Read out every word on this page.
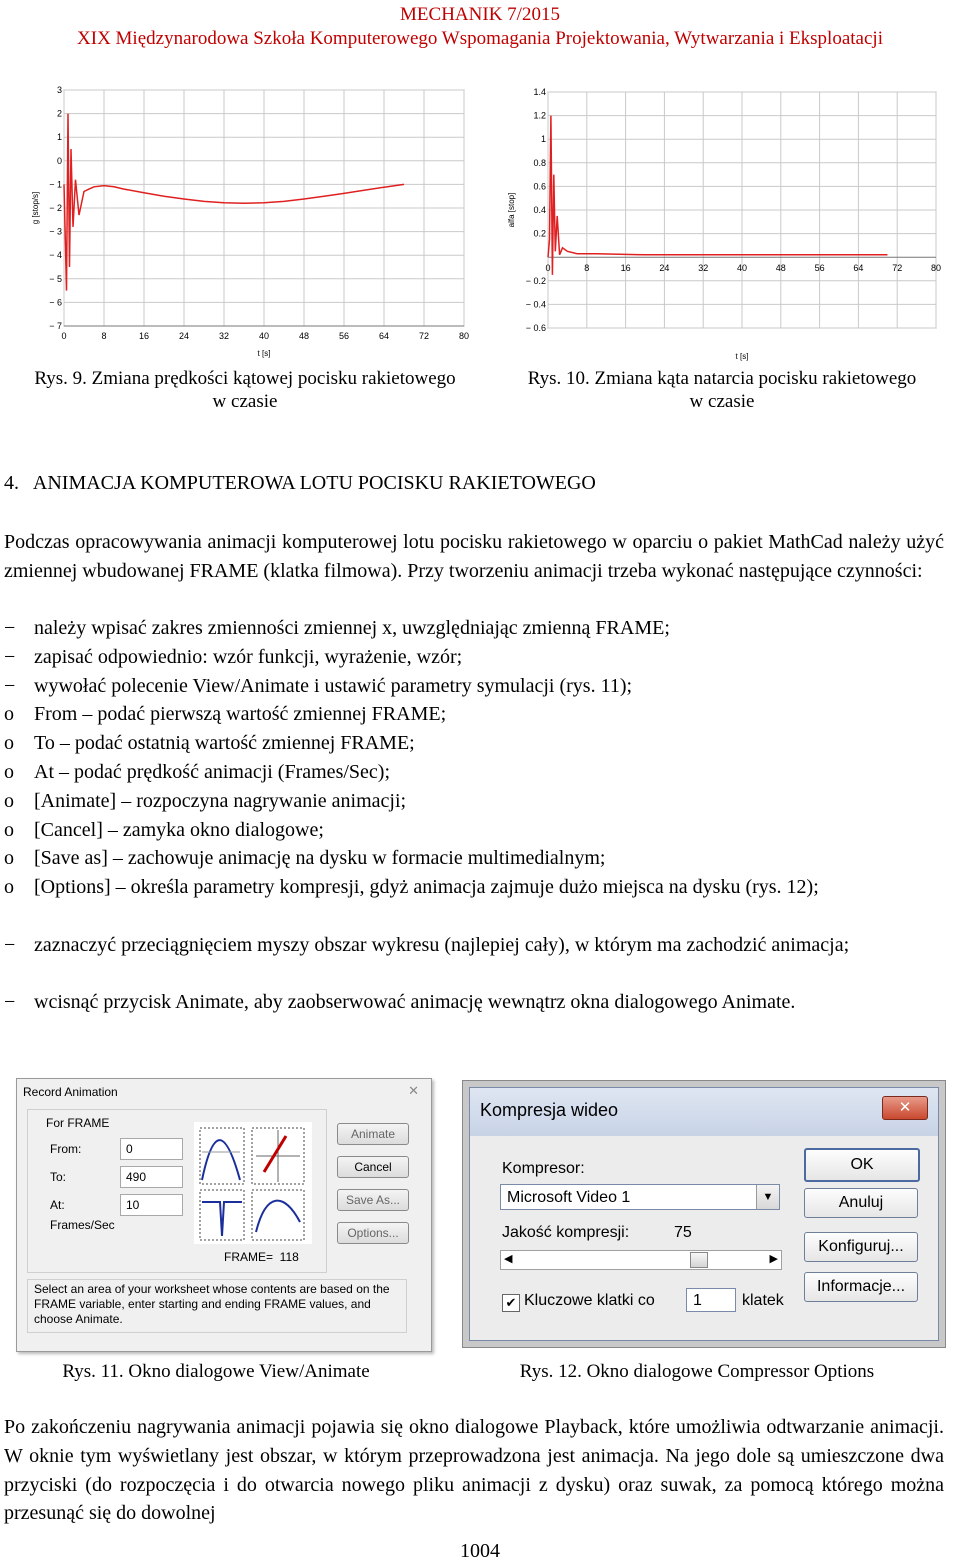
MECHANIK 7/2015
XIX Międzynarodowa Szkoła Komputerowego Wspomagania Projektowania, Wytwarzania i Eksploatacji
3
2
1
0
− 1
− 2
− 3
− 4
− 5
− 6
− 7
0	8	16	24	32	40	48	56	64	72	80
t [s]
g [stop/s]
1.4
1.2
1
0.8
0.6
0.4
0.2
− 0.2
− 0.4
− 0.6
0	8	16	24	32	40	48	56	64	72	80
t [s]
alfa [stop]
Rys. 9. Zmiana prędkości kątowej pocisku rakietowego
w czasie
Rys. 10. Zmiana kąta natarcia pocisku rakietowego
w czasie
4.   ANIMACJA KOMPUTEROWA LOTU POCISKU RAKIETOWEGO
Podczas opracowywania animacji komputerowej lotu pocisku rakietowego w oparciu o pakiet MathCad należy użyć zmiennej wbudowanej FRAME (klatka filmowa). Przy tworzeniu animacji trzeba wykonać następujące czynności:
− należy wpisać zakres zmienności zmiennej x, uwzględniając zmienną FRAME;
− zapisać odpowiednio: wzór funkcji, wyrażenie, wzór;
− wywołać polecenie View/Animate i ustawić parametry symulacji (rys. 11);
o	From – podać pierwszą wartość zmiennej FRAME;
o	To – podać ostatnią wartość zmiennej FRAME;
o	At – podać prędkość animacji (Frames/Sec);
o	[Animate] – rozpoczyna nagrywanie animacji;
o	[Cancel] – zamyka okno dialogowe;
o	[Save as] – zachowuje animację na dysku w formacie multimedialnym;
o	[Options] – określa parametry kompresji, gdyż animacja zajmuje dużo miejsca na dysku (rys. 12);
− zaznaczyć przeciągnięciem myszy obszar wykresu (najlepiej cały), w którym ma zachodzić animacja;
− wcisnąć przycisk Animate, aby zaobserwować animację wewnątrz okna dialogowego Animate.
Record Animation	✕
For FRAME
From:	0
To:	490
At:	10
Frames/Sec
FRAME=  118
Animate
Cancel
Save As...
Options...
Select an area of your worksheet whose contents are based on the FRAME variable, enter starting and ending FRAME values, and choose Animate.
Kompresja wideo	✕
Kompresor:
Microsoft Video 1	▼
Jakość kompresji:	75
◀	▶
✔ Kluczowe klatki co	1	klatek
OK
Anuluj
Konfiguruj...
Informacje...
Rys. 11. Okno dialogowe View/Animate	Rys. 12. Okno dialogowe Compressor Options
Po zakończeniu nagrywania animacji pojawia się okno dialogowe Playback, które umożliwia odtwarzanie animacji. W oknie tym wyświetlany jest obszar, w którym przeprowadzona jest animacja. Na jego dole są umieszczone dwa przyciski (do rozpoczęcia i do otwarcia nowego pliku animacji z dysku) oraz suwak, za pomocą którego można przesunąć się do dowolnej
1004
